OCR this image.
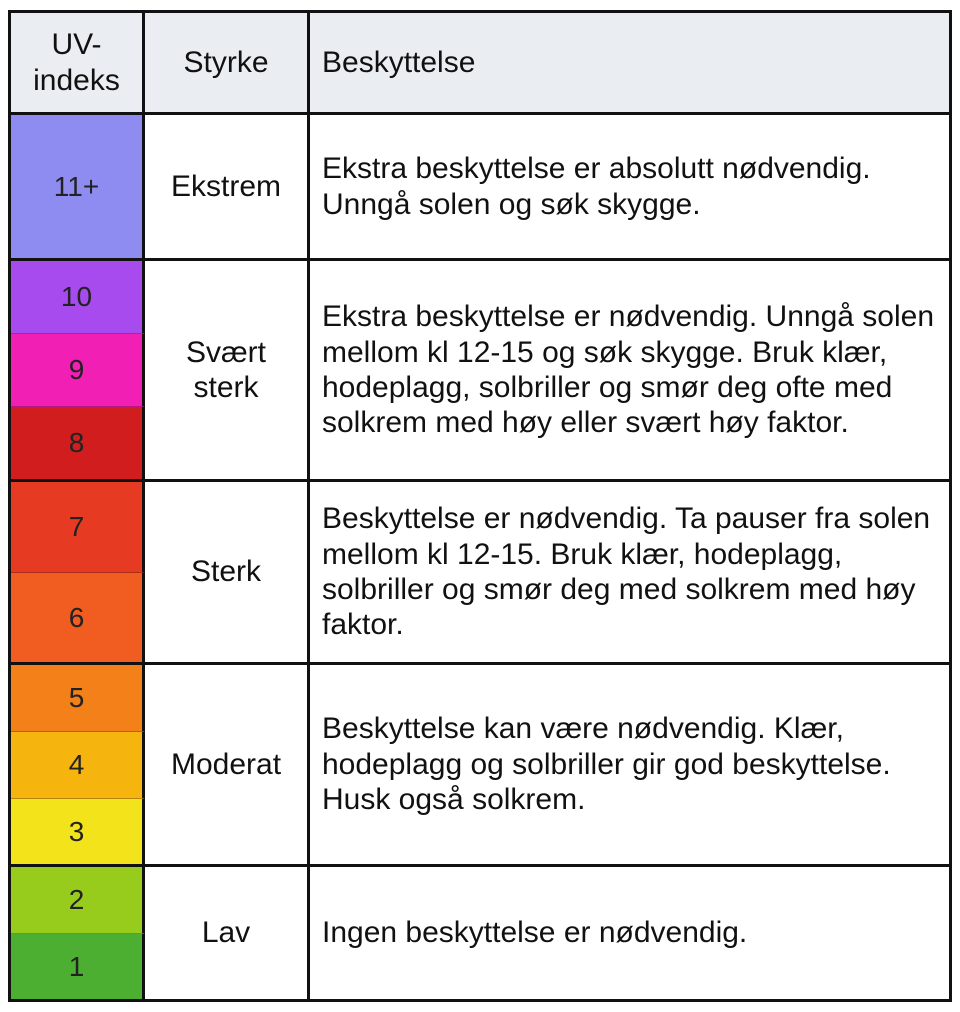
UV-
indeks
Styrke	Beskyttelse
11+
10
9
8
7
6
5
4
3
2
1
Ekstrem
Svært sterk
Sterk
Moderat
Lav
Ekstra beskyttelse er absolutt nødvendig. Unngå solen og søk skygge.
Ekstra beskyttelse er nødvendig. Unngå solen mellom kl 12-15 og søk skygge. Bruk klær, hodeplagg, solbriller og smør deg ofte med solkrem med høy eller svært høy faktor.
Beskyttelse er nødvendig. Ta pauser fra solen mellom kl 12-15. Bruk klær, hodeplagg, solbriller og smør deg med solkrem med høy faktor.
Beskyttelse kan være nødvendig. Klær, hodeplagg og solbriller gir god beskyttelse. Husk også solkrem.
Ingen beskyttelse er nødvendig.
